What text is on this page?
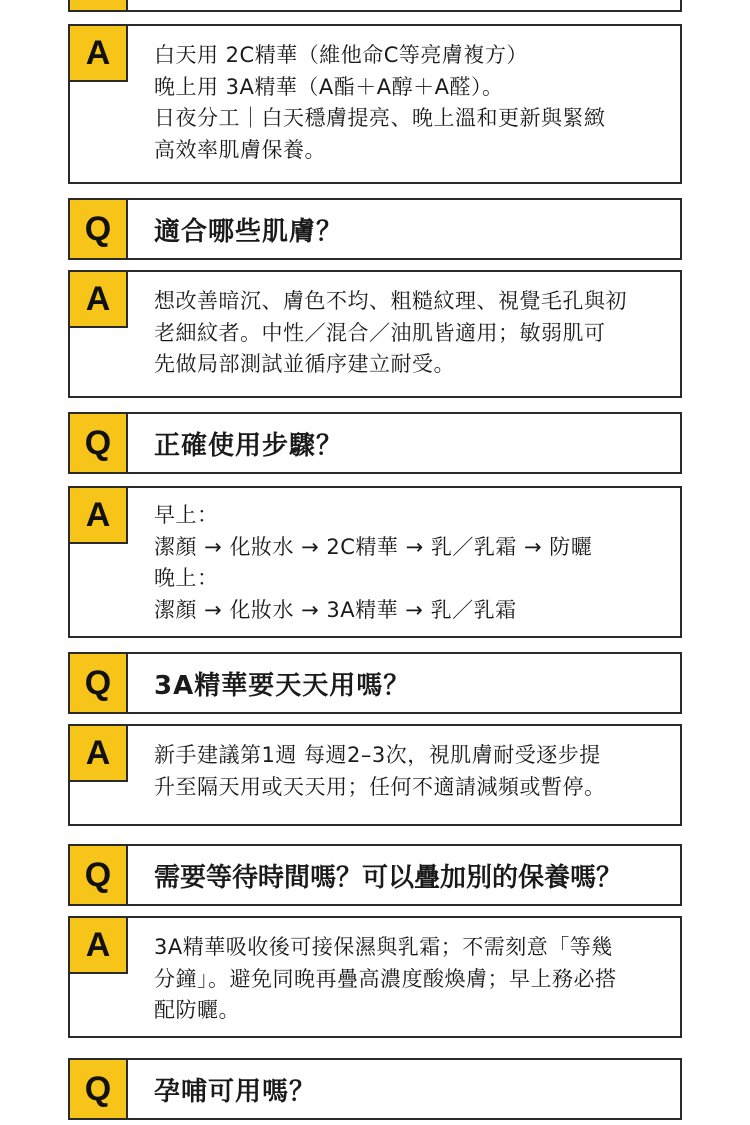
A	白天用 2C精華（維他命C等亮膚複方）
晚上用 3A精華（A酯＋A醇＋A醛）。
日夜分工｜白天穩膚提亮、晚上溫和更新與緊緻
高效率肌膚保養。
Q	適合哪些肌膚？
A	想改善暗沉、膚色不均、粗糙紋理、視覺毛孔與初
老細紋者。中性／混合／油肌皆適用；敏弱肌可
先做局部測試並循序建立耐受。
Q	正確使用步驟？
A	早上：
潔顏 → 化妝水 → 2C精華 → 乳／乳霜 → 防曬
晚上：
潔顏 → 化妝水 → 3A精華 → 乳／乳霜
Q	3A精華要天天用嗎？
A	新手建議第1週 每週2–3次，視肌膚耐受逐步提
升至隔天用或天天用；任何不適請減頻或暫停。
Q	需要等待時間嗎？可以疊加別的保養嗎？
A	3A精華吸收後可接保濕與乳霜；不需刻意「等幾
分鐘」。避免同晚再疊高濃度酸煥膚；早上務必搭
配防曬。
Q	孕哺可用嗎？
